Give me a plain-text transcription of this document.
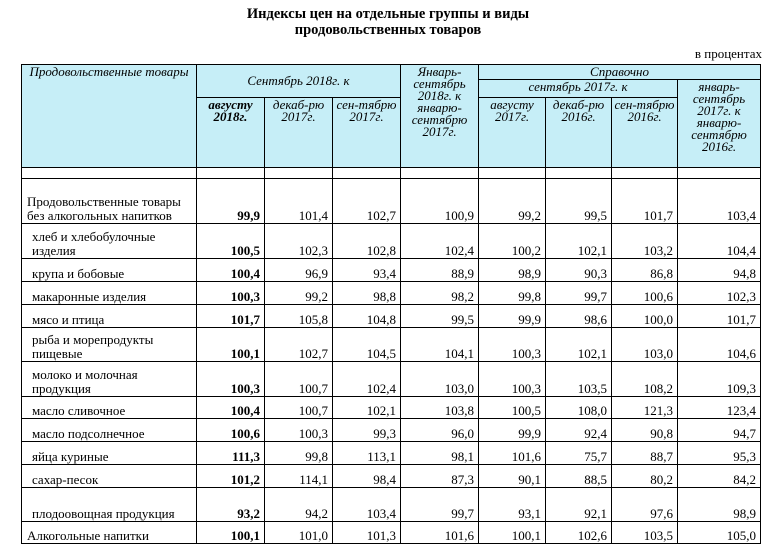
Индексы цен на отдельные группы и виды
продовольственных товаров
в процентах
Продовольственные товары	Сентябрь 2018г. к			Январь-сентябрь 2018г. к январю-сентябрю 2017г.	Справочно			
					сентябрь 2017г. к			январь-сентябрь 2017г. к январю-сентябрю 2016г.
	августу 2018г.	декаб-рю 2017г.	сен-тябрю 2017г.		августу 2017г.	декаб-рю 2016г.	сен-тябрю 2016г.	

Продовольственные товары без алкогольных напитков	99,9	101,4	102,7	100,9	99,2	99,5	101,7	103,4
хлеб и хлебобулочные изделия	100,5	102,3	102,8	102,4	100,2	102,1	103,2	104,4
крупа и бобовые	100,4	96,9	93,4	88,9	98,9	90,3	86,8	94,8
макаронные изделия	100,3	99,2	98,8	98,2	99,8	99,7	100,6	102,3
мясо и птица	101,7	105,8	104,8	99,5	99,9	98,6	100,0	101,7
рыба и морепродукты пищевые	100,1	102,7	104,5	104,1	100,3	102,1	103,0	104,6
молоко и молочная продукция	100,3	100,7	102,4	103,0	100,3	103,5	108,2	109,3
масло сливочное	100,4	100,7	102,1	103,8	100,5	108,0	121,3	123,4
масло подсолнечное	100,6	100,3	99,3	96,0	99,9	92,4	90,8	94,7
яйца куриные	111,3	99,8	113,1	98,1	101,6	75,7	88,7	95,3
сахар-песок	101,2	114,1	98,4	87,3	90,1	88,5	80,2	84,2
плодоовощная продукция	93,2	94,2	103,4	99,7	93,1	92,1	97,6	98,9
Алкогольные напитки	100,1	101,0	101,3	101,6	100,1	102,6	103,5	105,0
